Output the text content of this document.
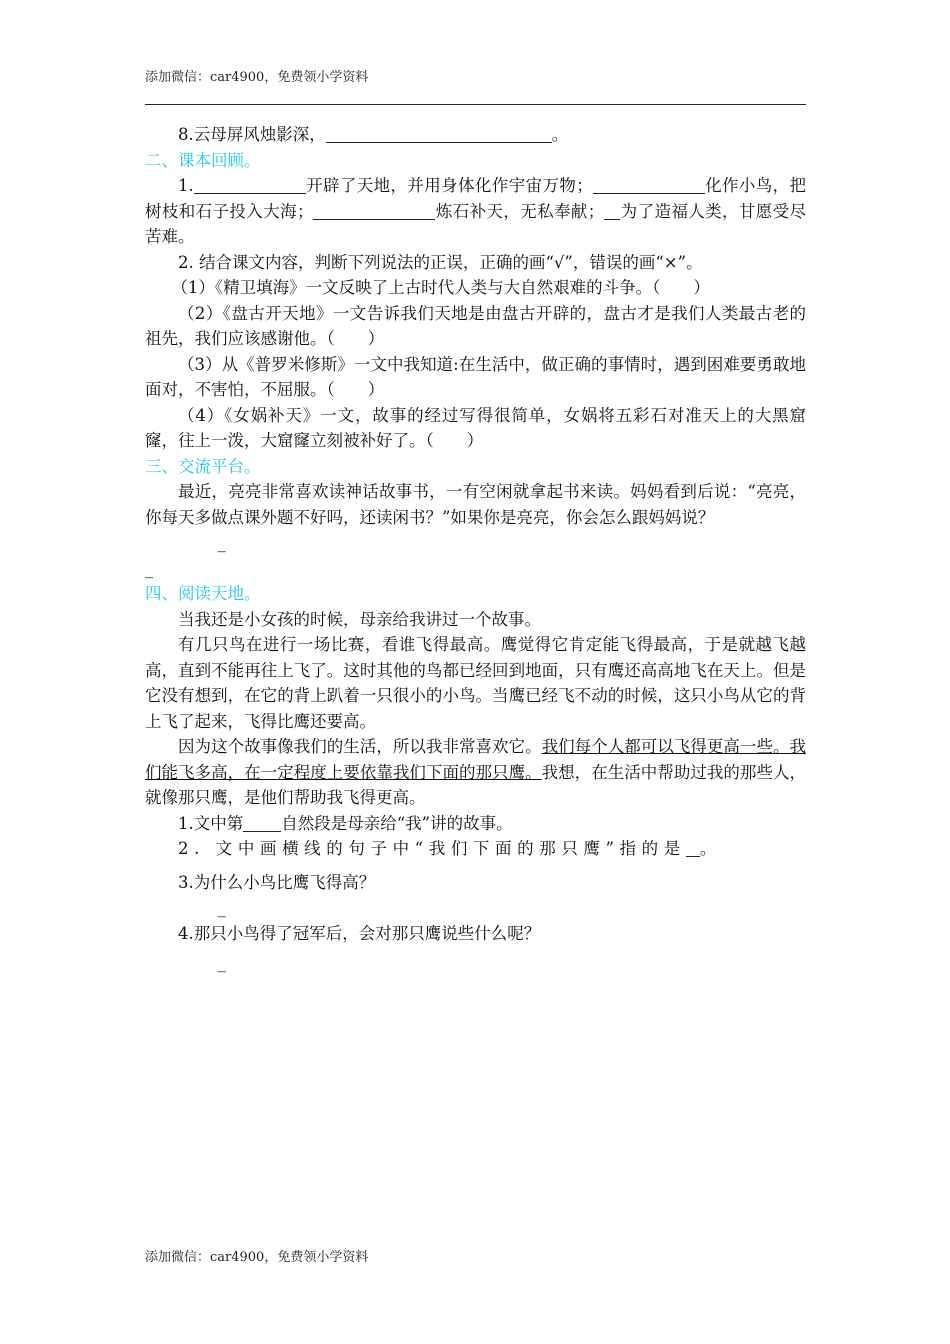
添加微信：car4900，免费领小学资料

8.云母屏风烛影深，	。

二、课本回顾。

1.	开辟了天地，并用身体化作宇宙万物；	化作小鸟，把树枝和石子投入大海；	炼石补天，无私奉献； 为了造福人类，甘愿受尽苦难。

2. 结合课文内容，判断下列说法的正误，正确的画“√”，错误的画“×”。

（1）《精卫填海》一文反映了上古时代人类与大自然艰难的斗争。（　　）

（2）《盘古开天地》一文告诉我们天地是由盘古开辟的，盘古才是我们人类最古老的祖先，我们应该感谢他。（　　）

（3）从《普罗米修斯》一文中我知道:在生活中，做正确的事情时，遇到困难要勇敢地面对，不害怕，不屈服。（　　）

（4）《女娲补天》一文，故事的经过写得很简单，女娲将五彩石对准天上的大黑窟窿，往上一泼，大窟窿立刻被补好了。（　　）

三、交流平台。

最近，亮亮非常喜欢读神话故事书，一有空闲就拿起书来读。妈妈看到后说：“亮亮，你每天多做点课外题不好吗，还读闲书？”如果你是亮亮，你会怎么跟妈妈说？

_

_

四、阅读天地。

当我还是小女孩的时候，母亲给我讲过一个故事。

有几只鸟在进行一场比赛，看谁飞得最高。鹰觉得它肯定能飞得最高，于是就越飞越高，直到不能再往上飞了。这时其他的鸟都已经回到地面，只有鹰还高高地飞在天上。但是它没有想到，在它的背上趴着一只很小的小鸟。当鹰已经飞不动的时候，这只小鸟从它的背上飞了起来，飞得比鹰还要高。

因为这个故事像我们的生活，所以我非常喜欢它。我们每个人都可以飞得更高一些。我们能飞多高，在一定程度上要依靠我们下面的那只鹰。我想，在生活中帮助过我的那些人，就像那只鹰，是他们帮助我飞得更高。

1.文中第 自然段是母亲给“我”讲的故事。

2. 文中画横线的句子中“我们下面的那只鹰”指的是 。

3.为什么小鸟比鹰飞得高？

_

4.那只小鸟得了冠军后，会对那只鹰说些什么呢？

_

添加微信：car4900，免费领小学资料
